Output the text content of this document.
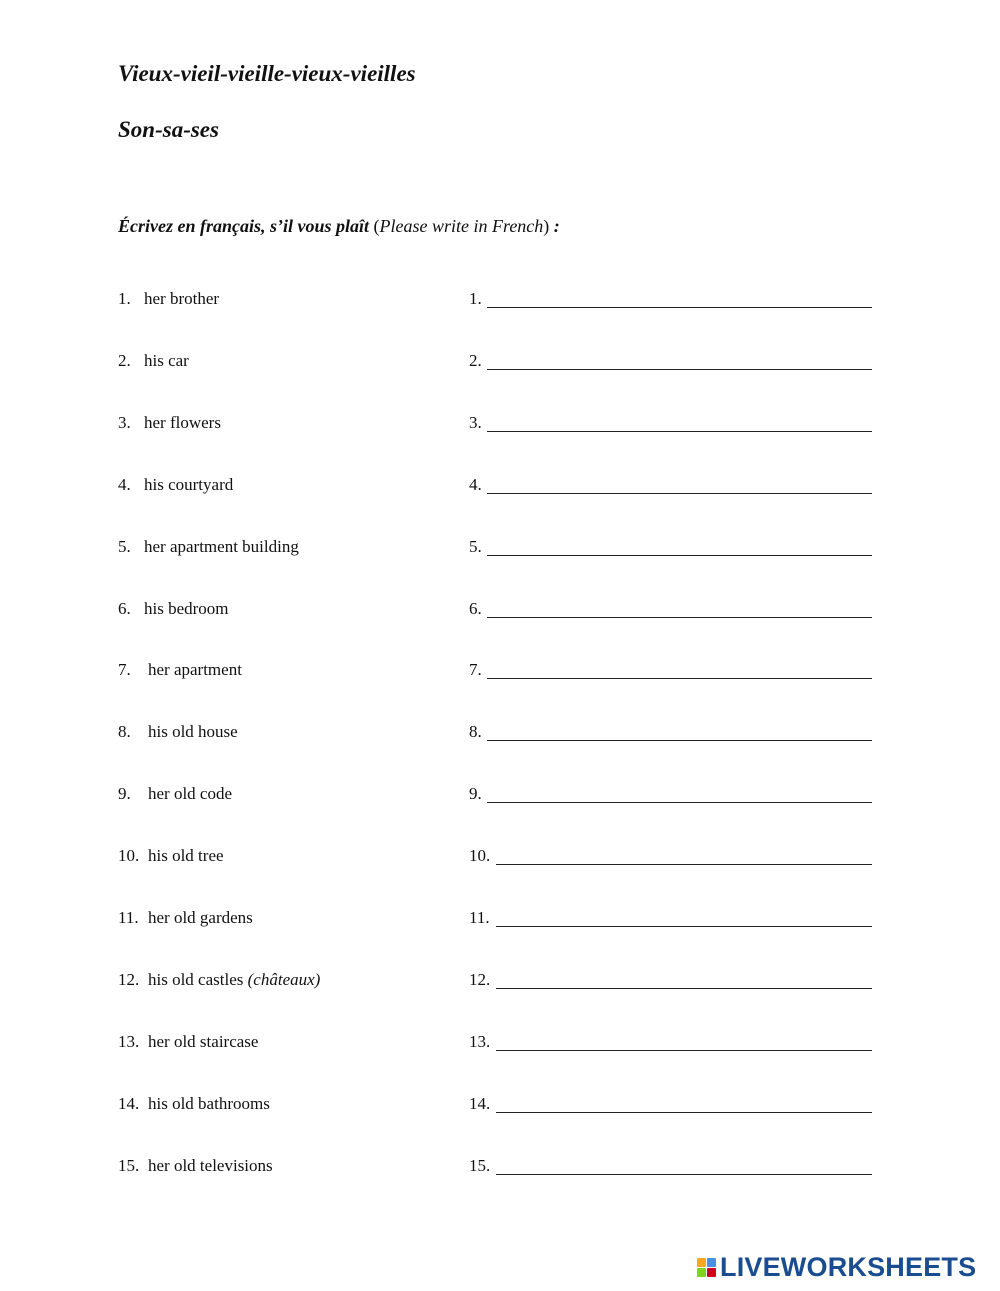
Vieux-vieil-vieille-vieux-vieilles
Son-sa-ses

Écrivez en français, s’il vous plaît (Please write in French) :

1. her brother	1.
2. his car	2.
3. her flowers	3.
4. his courtyard	4.
5. her apartment building	5.
6. his bedroom	6.
7. her apartment	7.
8. his old house	8.
9. her old code	9.
10. his old tree	10.
11. her old gardens	11.
12. his old castles (châteaux)	12.
13. her old staircase	13.
14. his old bathrooms	14.
15. her old televisions	15.
LIVEWORKSHEETS
